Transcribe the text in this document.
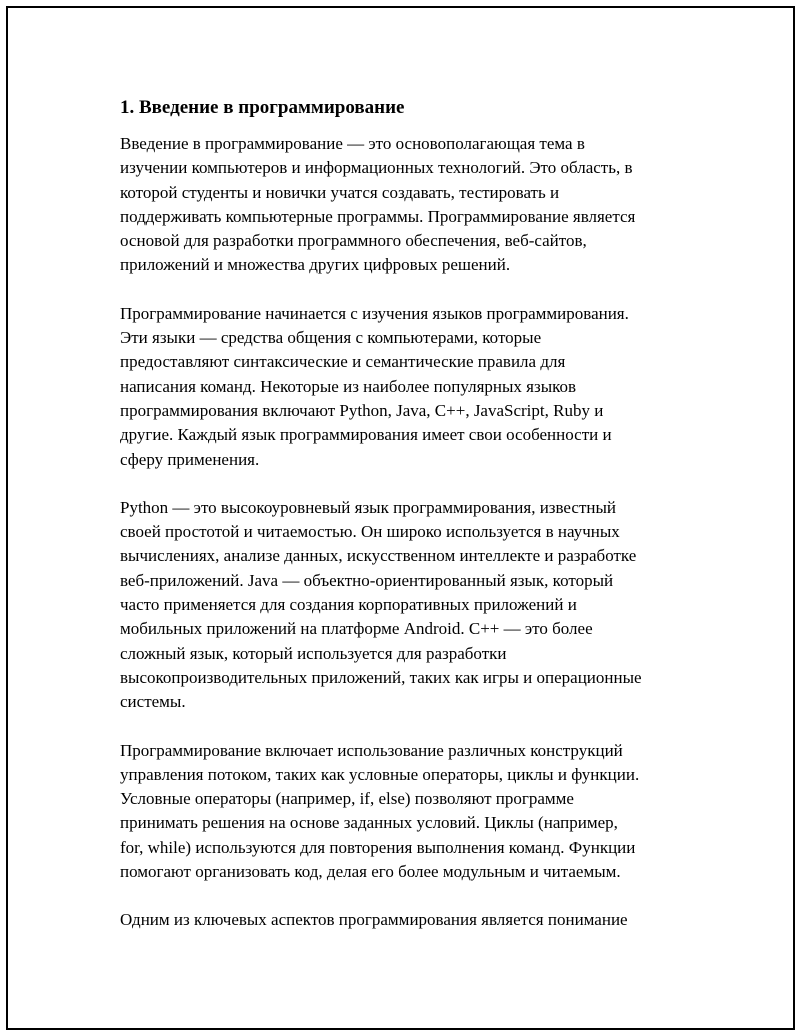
1. Введение в программирование

Введение в программирование — это основополагающая тема в
изучении компьютеров и информационных технологий. Это область, в
которой студенты и новички учатся создавать, тестировать и
поддерживать компьютерные программы. Программирование является
основой для разработки программного обеспечения, веб-сайтов,
приложений и множества других цифровых решений.

Программирование начинается с изучения языков программирования.
Эти языки — средства общения с компьютерами, которые
предоставляют синтаксические и семантические правила для
написания команд. Некоторые из наиболее популярных языков
программирования включают Python, Java, C++, JavaScript, Ruby и
другие. Каждый язык программирования имеет свои особенности и
сферу применения.

Python — это высокоуровневый язык программирования, известный
своей простотой и читаемостью. Он широко используется в научных
вычислениях, анализе данных, искусственном интеллекте и разработке
веб-приложений. Java — объектно-ориентированный язык, который
часто применяется для создания корпоративных приложений и
мобильных приложений на платформе Android. C++ — это более
сложный язык, который используется для разработки
высокопроизводительных приложений, таких как игры и операционные
системы.

Программирование включает использование различных конструкций
управления потоком, таких как условные операторы, циклы и функции.
Условные операторы (например, if, else) позволяют программе
принимать решения на основе заданных условий. Циклы (например,
for, while) используются для повторения выполнения команд. Функции
помогают организовать код, делая его более модульным и читаемым.

Одним из ключевых аспектов программирования является понимание
